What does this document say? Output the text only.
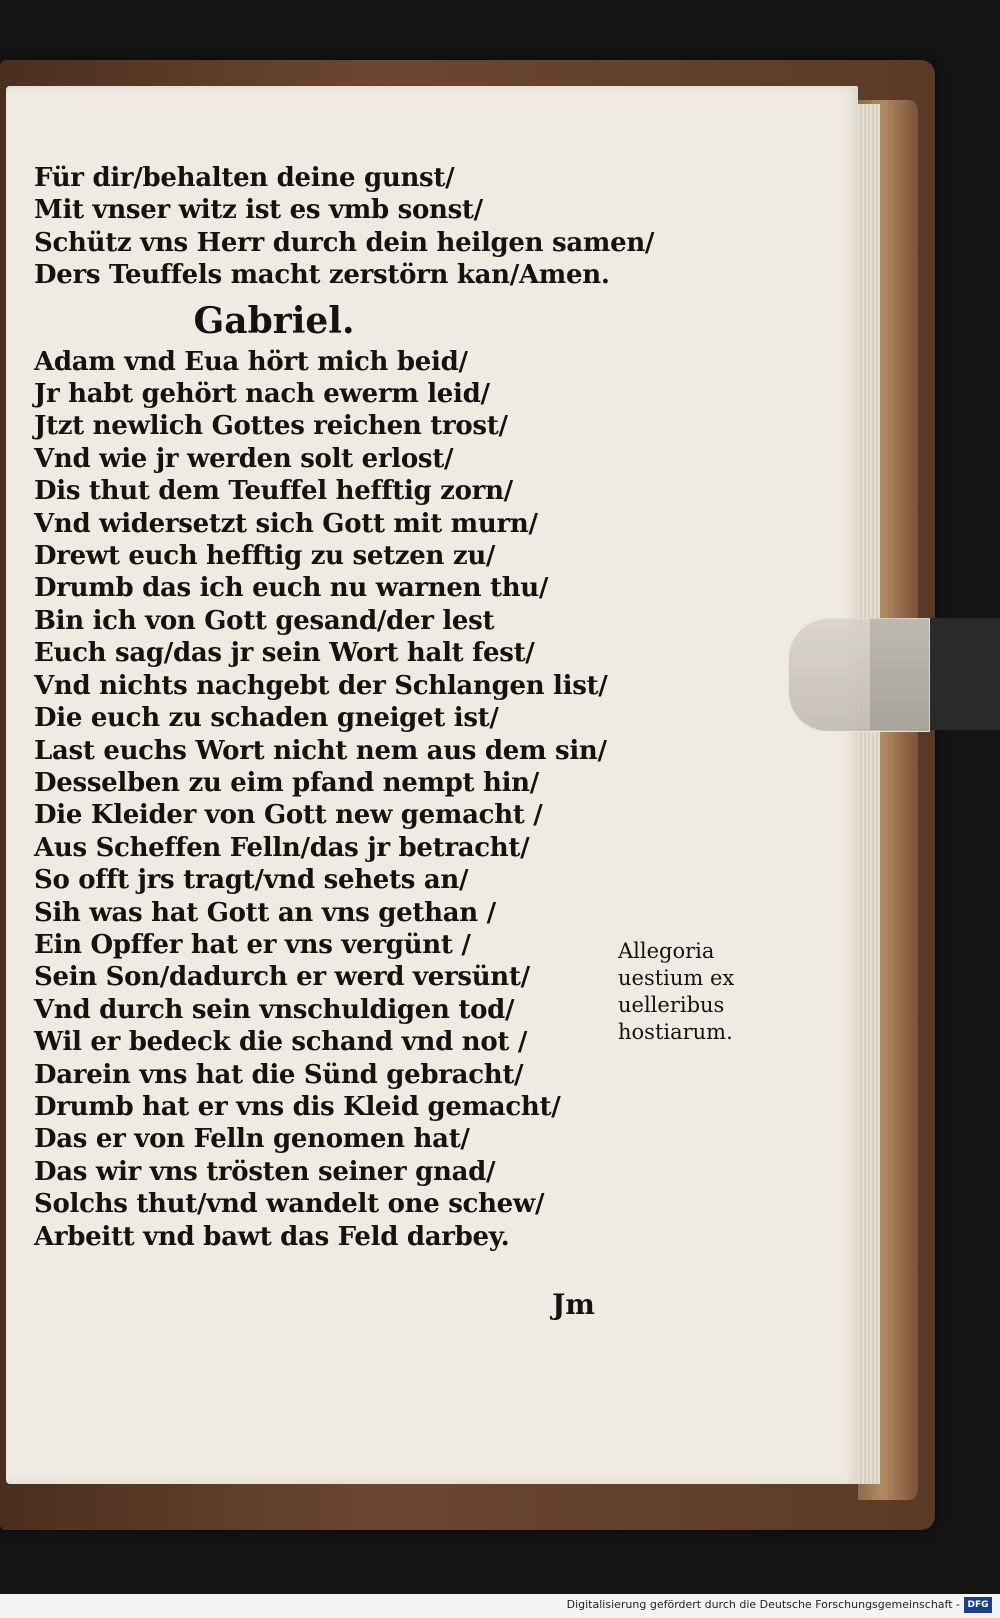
Für dir/behalten deine gunst/
Mit vnser witz ist es vmb sonst/
Schütz vns Herr durch dein heilgen samen/
Ders Teuffels macht zerstörn kan/Amen.
Gabriel.
Adam vnd Eua hört mich beid/
Jr habt gehört nach ewerm leid/
Jtzt newlich Gottes reichen trost/
Vnd wie jr werden solt erlost/
Dis thut dem Teuffel hefftig zorn/
Vnd widersetzt sich Gott mit murn/
Drewt euch hefftig zu setzen zu/
Drumb das ich euch nu warnen thu/
Bin ich von Gott gesand/der lest
Euch sag/das jr sein Wort halt fest/
Vnd nichts nachgebt der Schlangen list/
Die euch zu schaden gneiget ist/
Last euchs Wort nicht nem aus dem sin/
Desselben zu eim pfand nempt hin/
Die Kleider von Gott new gemacht /
Aus Scheffen Felln/das jr betracht/
So offt jrs tragt/vnd sehets an/
Sih was hat Gott an vns gethan /
Ein Opffer hat er vns vergünt /
Sein Son/dadurch er werd versünt/
Vnd durch sein vnschuldigen tod/
Wil er bedeck die schand vnd not /
Darein vns hat die Sünd gebracht/
Drumb hat er vns dis Kleid gemacht/
Das er von Felln genomen hat/
Das wir vns trösten seiner gnad/
Solchs thut/vnd wandelt one schew/
Arbeitt vnd bawt das Feld darbey.
Allegoria
uestium ex
uelleribus
hostiarum.
Jm
Digitalisierung gefördert durch die Deutsche Forschungsgemeinschaft - DFG
